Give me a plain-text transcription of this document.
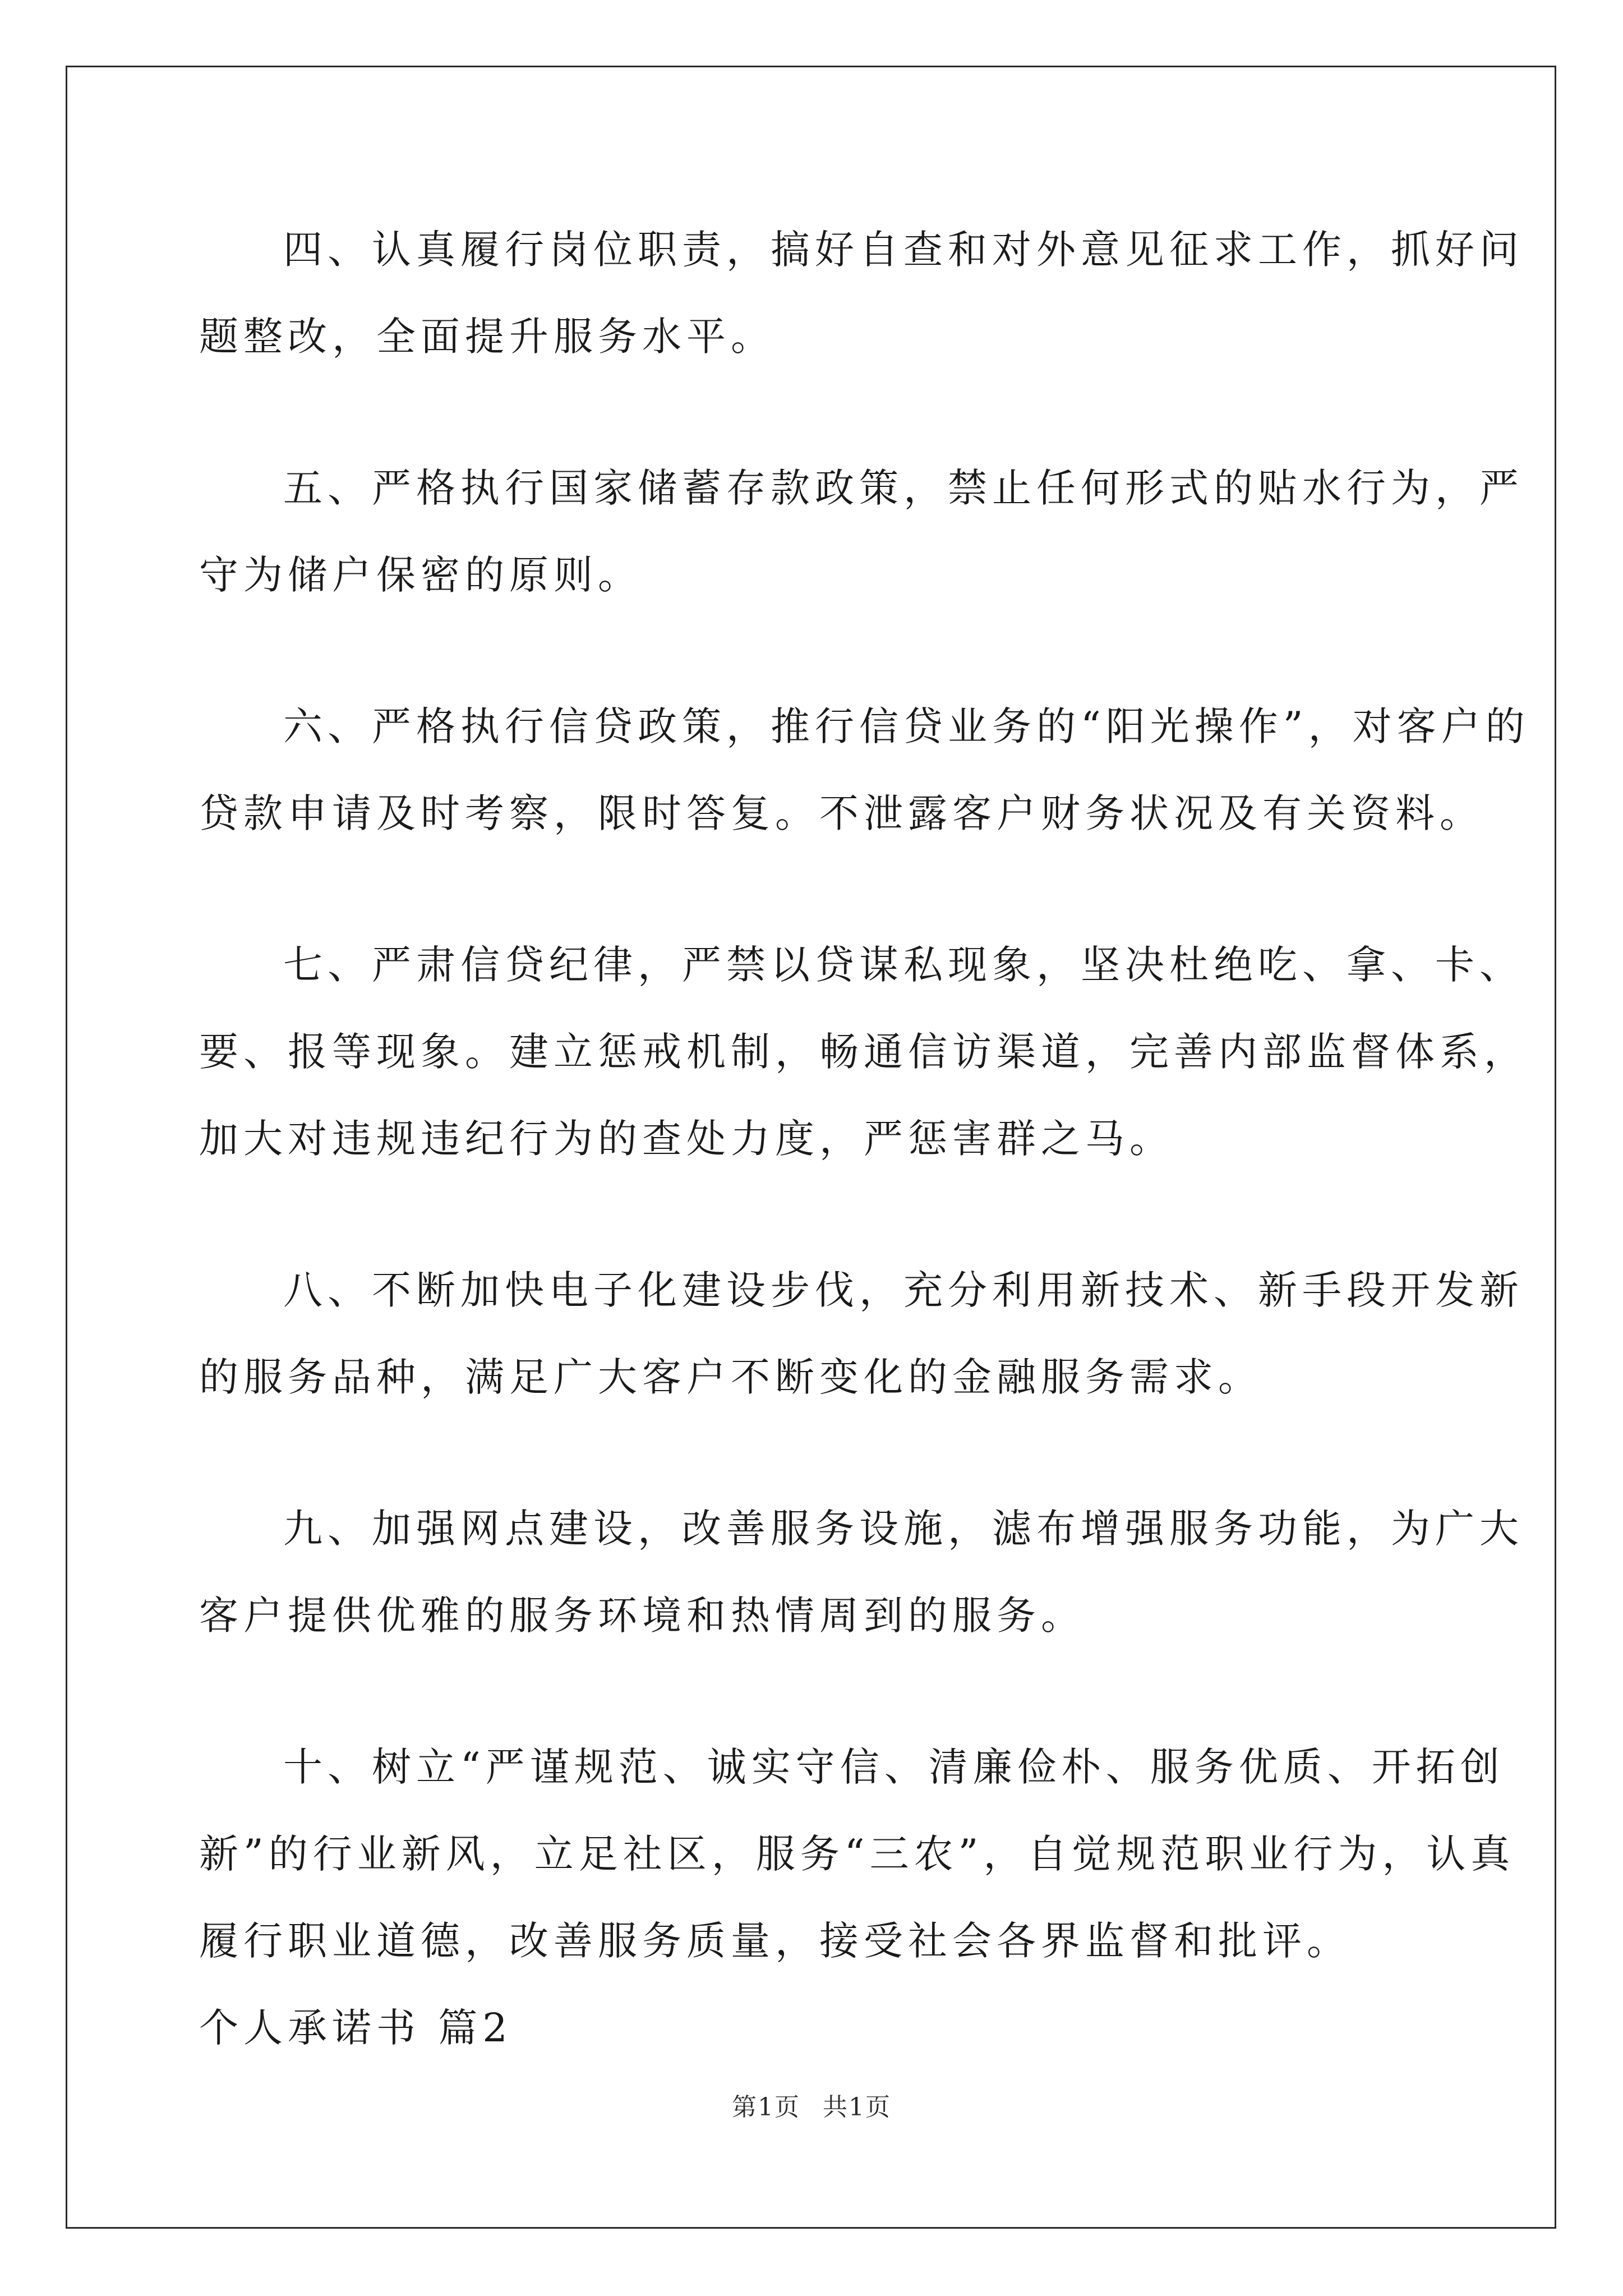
四、认真履行岗位职责，搞好自查和对外意见征求工作，抓好问
题整改，全面提升服务水平。
五、严格执行国家储蓄存款政策，禁止任何形式的贴水行为，严
守为储户保密的原则。
六、严格执行信贷政策，推行信贷业务的“阳光操作”，对客户的
贷款申请及时考察，限时答复。不泄露客户财务状况及有关资料。
七、严肃信贷纪律，严禁以贷谋私现象，坚决杜绝吃、拿、卡、
要、报等现象。建立惩戒机制，畅通信访渠道，完善内部监督体系，
加大对违规违纪行为的查处力度，严惩害群之马。
八、不断加快电子化建设步伐，充分利用新技术、新手段开发新
的服务品种，满足广大客户不断变化的金融服务需求。
九、加强网点建设，改善服务设施，滤布增强服务功能，为广大
客户提供优雅的服务环境和热情周到的服务。
十、树立“严谨规范、诚实守信、清廉俭朴、服务优质、开拓创
新”的行业新风，立足社区，服务“三农”，自觉规范职业行为，认真
履行职业道德，改善服务质量，接受社会各界监督和批评。
个人承诺书 篇2
第1页 共1页
